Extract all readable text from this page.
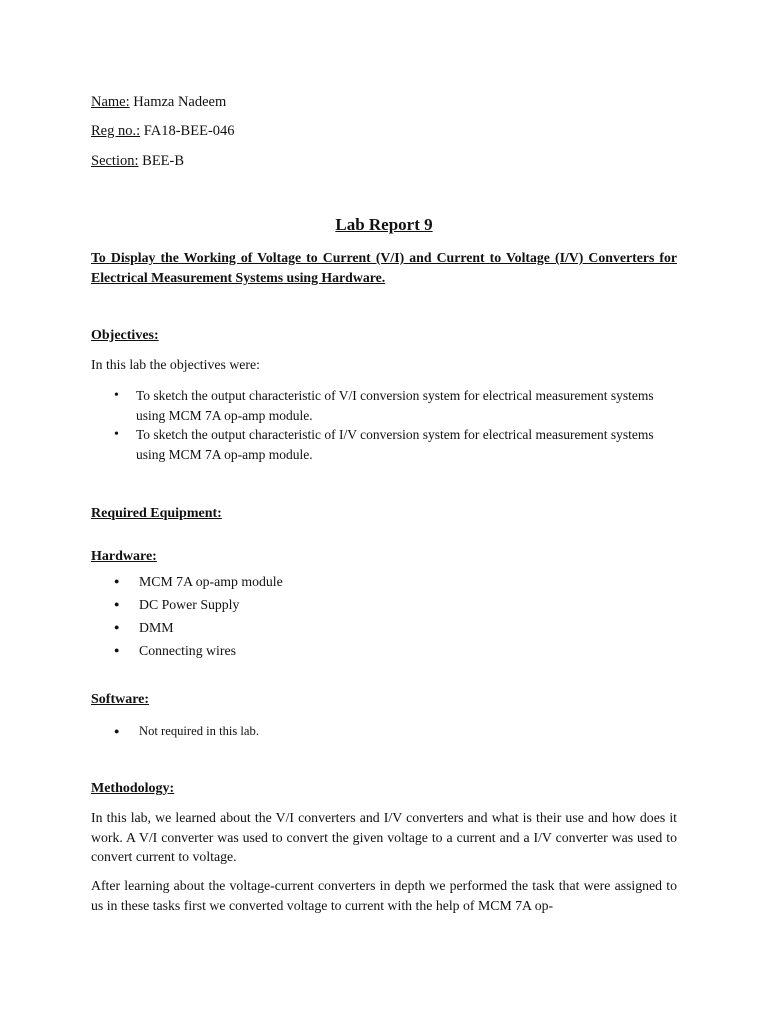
Name: Hamza Nadeem
Reg no.: FA18-BEE-046
Section: BEE-B
Lab Report 9
To Display the Working of Voltage to Current (V/I) and Current to Voltage (I/V) Converters for Electrical Measurement Systems using Hardware.
Objectives:
In this lab the objectives were:
• To sketch the output characteristic of V/I conversion system for electrical measurement systems using MCM 7A op-amp module.
• To sketch the output characteristic of I/V conversion system for electrical measurement systems using MCM 7A op-amp module.
Required Equipment:
Hardware:
● MCM 7A op-amp module
● DC Power Supply
● DMM
● Connecting wires
Software:
● Not required in this lab.
Methodology:
In this lab, we learned about the V/I converters and I/V converters and what is their use and how does it work. A V/I converter was used to convert the given voltage to a current and a I/V converter was used to convert current to voltage.
After learning about the voltage-current converters in depth we performed the task that were assigned to us in these tasks first we converted voltage to current with the help of MCM 7A op-
